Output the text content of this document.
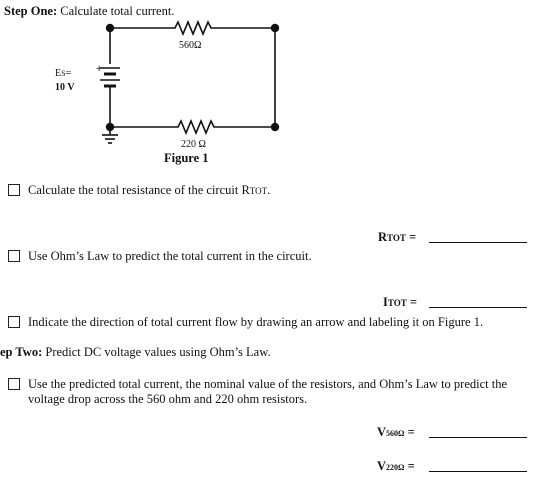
Step One: Calculate total current.
560Ω
220 Ω
+
ES=
10 V
Figure 1
Calculate the total resistance of the circuit RTOT.
RTOT =
Use Ohm’s Law to predict the total current in the circuit.
ITOT =
Indicate the direction of total current flow by drawing an arrow and labeling it on Figure 1.
ep Two: Predict DC voltage values using Ohm’s Law.
Use the predicted total current, the nominal value of the resistors, and Ohm’s Law to predict the
voltage drop across the 560 ohm and 220 ohm resistors.
V560Ω =
V220Ω =
